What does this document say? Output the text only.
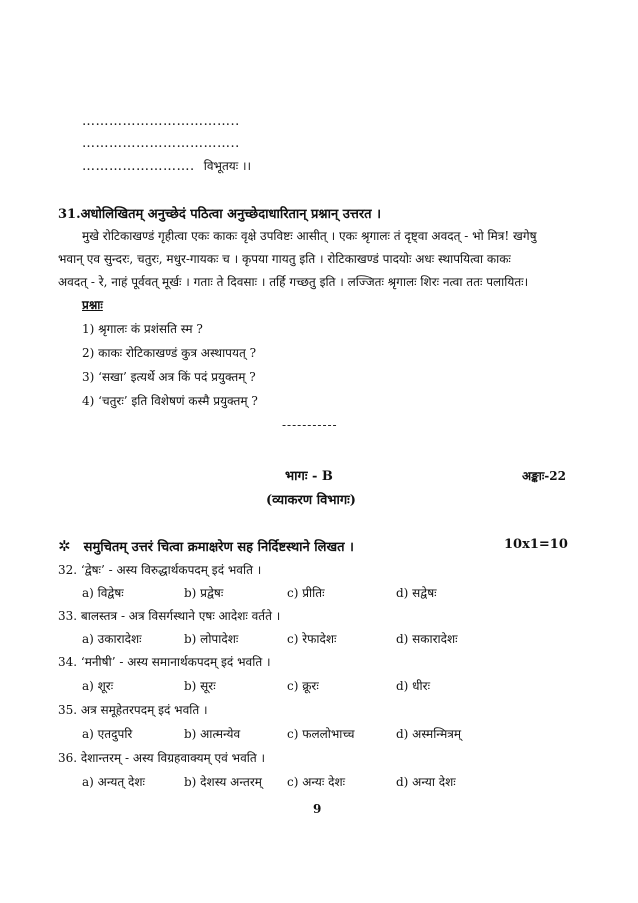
……………………………..
……………………………..
……………………. विभूतयः ।।
31.अधोलिखितम् अनुच्छेदं पठित्वा अनुच्छेदाधारितान् प्रश्नान् उत्तरत ।
मुखे रोटिकाखण्डं गृहीत्वा एकः काकः वृक्षे उपविष्टः आसीत् । एकः श्रृगालः तं दृष्ट्वा अवदत् - भो मित्र! खगेषु
भवान् एव सुन्दरः, चतुरः, मधुर-गायकः च । कृपया गायतु इति । रोटिकाखण्डं पादयोः अधः स्थापयित्वा काकः
अवदत् - रे, नाहं पूर्ववत् मूर्खः । गताः ते दिवसाः । तर्हि गच्छतु इति । लज्जितः श्रृगालः शिरः नत्वा ततः पलायितः।
प्रश्नाः
1) श्रृगालः कं प्रशंसति स्म ?
2) काकः रोटिकाखण्डं कुत्र अस्थापयत् ?
3) ‘सखा’ इत्यर्थे अत्र किं पदं प्रयुक्तम् ?
4) ‘चतुरः’ इति विशेषणं कस्मै प्रयुक्तम् ?
-----------
भागः - B	अङ्काः-22
(व्याकरण विभागः)
✲ समुचितम् उत्तरं चित्वा क्रमाक्षरेण सह निर्दिष्टस्थाने लिखत ।	10x1=10
32. ‘द्वेषः’ - अस्य विरुद्धार्थकपदम् इदं भवति ।
a) विद्वेषः	b) प्रद्वेषः	c) प्रीतिः	d) सद्वेषः
33. बालस्तत्र - अत्र विसर्गस्थाने एषः आदेशः वर्तते ।
a) उकारादेशः	b) लोपादेशः	c) रेफादेशः	d) सकारादेशः
34. ‘मनीषी’ - अस्य समानार्थकपदम् इदं भवति ।
a) शूरः	b) सूरः	c) क्रूरः	d) धीरः
35. अत्र समूहेतरपदम् इदं भवति ।
a) एतदुपरि	b) आत्मन्येव	c) फललोभाच्च	d) अस्मन्मित्रम्
36. देशान्तरम् - अस्य विग्रहवाक्यम् एवं भवति ।
a) अन्यत् देशः	b) देशस्य अन्तरम् c) अन्यः देशः	d) अन्या देशः
9
